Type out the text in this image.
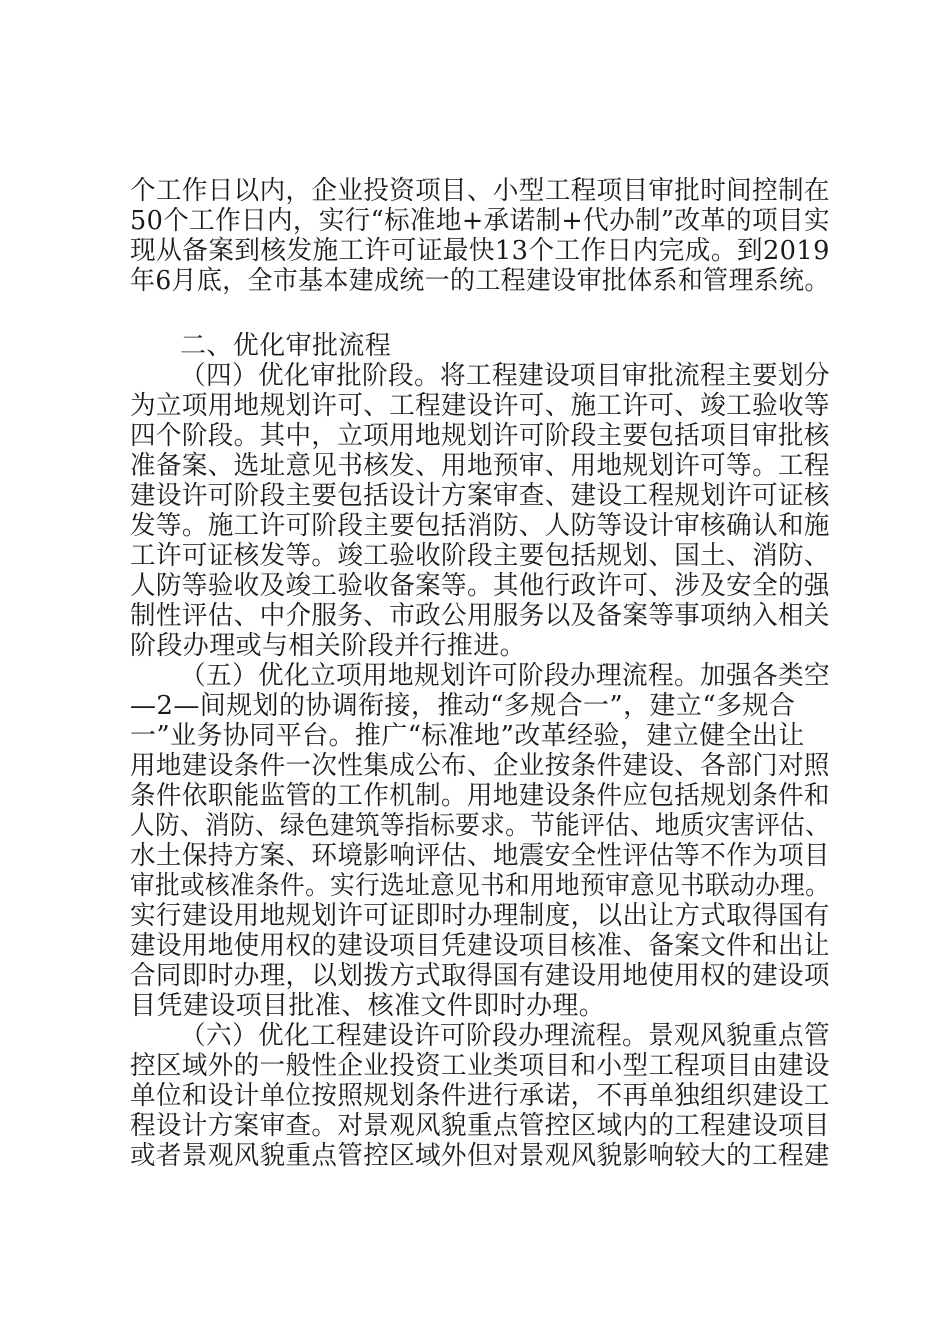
个工作日以内，企业投资项目、小型工程项目审批时间控制在
50个工作日内，实行“标准地+承诺制+代办制”改革的项目实
现从备案到核发施工许可证最快13个工作日内完成。到2019
年6月底，全市基本建成统一的工程建设审批体系和管理系统。
二、优化审批流程
（四）优化审批阶段。将工程建设项目审批流程主要划分
为立项用地规划许可、工程建设许可、施工许可、竣工验收等
四个阶段。其中，立项用地规划许可阶段主要包括项目审批核
准备案、选址意见书核发、用地预审、用地规划许可等。工程
建设许可阶段主要包括设计方案审查、建设工程规划许可证核
发等。施工许可阶段主要包括消防、人防等设计审核确认和施
工许可证核发等。竣工验收阶段主要包括规划、国土、消防、
人防等验收及竣工验收备案等。其他行政许可、涉及安全的强
制性评估、中介服务、市政公用服务以及备案等事项纳入相关
阶段办理或与相关阶段并行推进。
（五）优化立项用地规划许可阶段办理流程。加强各类空
—2—间规划的协调衔接，推动“多规合一”，建立“多规合
一”业务协同平台。推广“标准地”改革经验，建立健全出让
用地建设条件一次性集成公布、企业按条件建设、各部门对照
条件依职能监管的工作机制。用地建设条件应包括规划条件和
人防、消防、绿色建筑等指标要求。节能评估、地质灾害评估、
水土保持方案、环境影响评估、地震安全性评估等不作为项目
审批或核准条件。实行选址意见书和用地预审意见书联动办理。
实行建设用地规划许可证即时办理制度，以出让方式取得国有
建设用地使用权的建设项目凭建设项目核准、备案文件和出让
合同即时办理，以划拨方式取得国有建设用地使用权的建设项
目凭建设项目批准、核准文件即时办理。
（六）优化工程建设许可阶段办理流程。景观风貌重点管
控区域外的一般性企业投资工业类项目和小型工程项目由建设
单位和设计单位按照规划条件进行承诺，不再单独组织建设工
程设计方案审查。对景观风貌重点管控区域内的工程建设项目
或者景观风貌重点管控区域外但对景观风貌影响较大的工程建
